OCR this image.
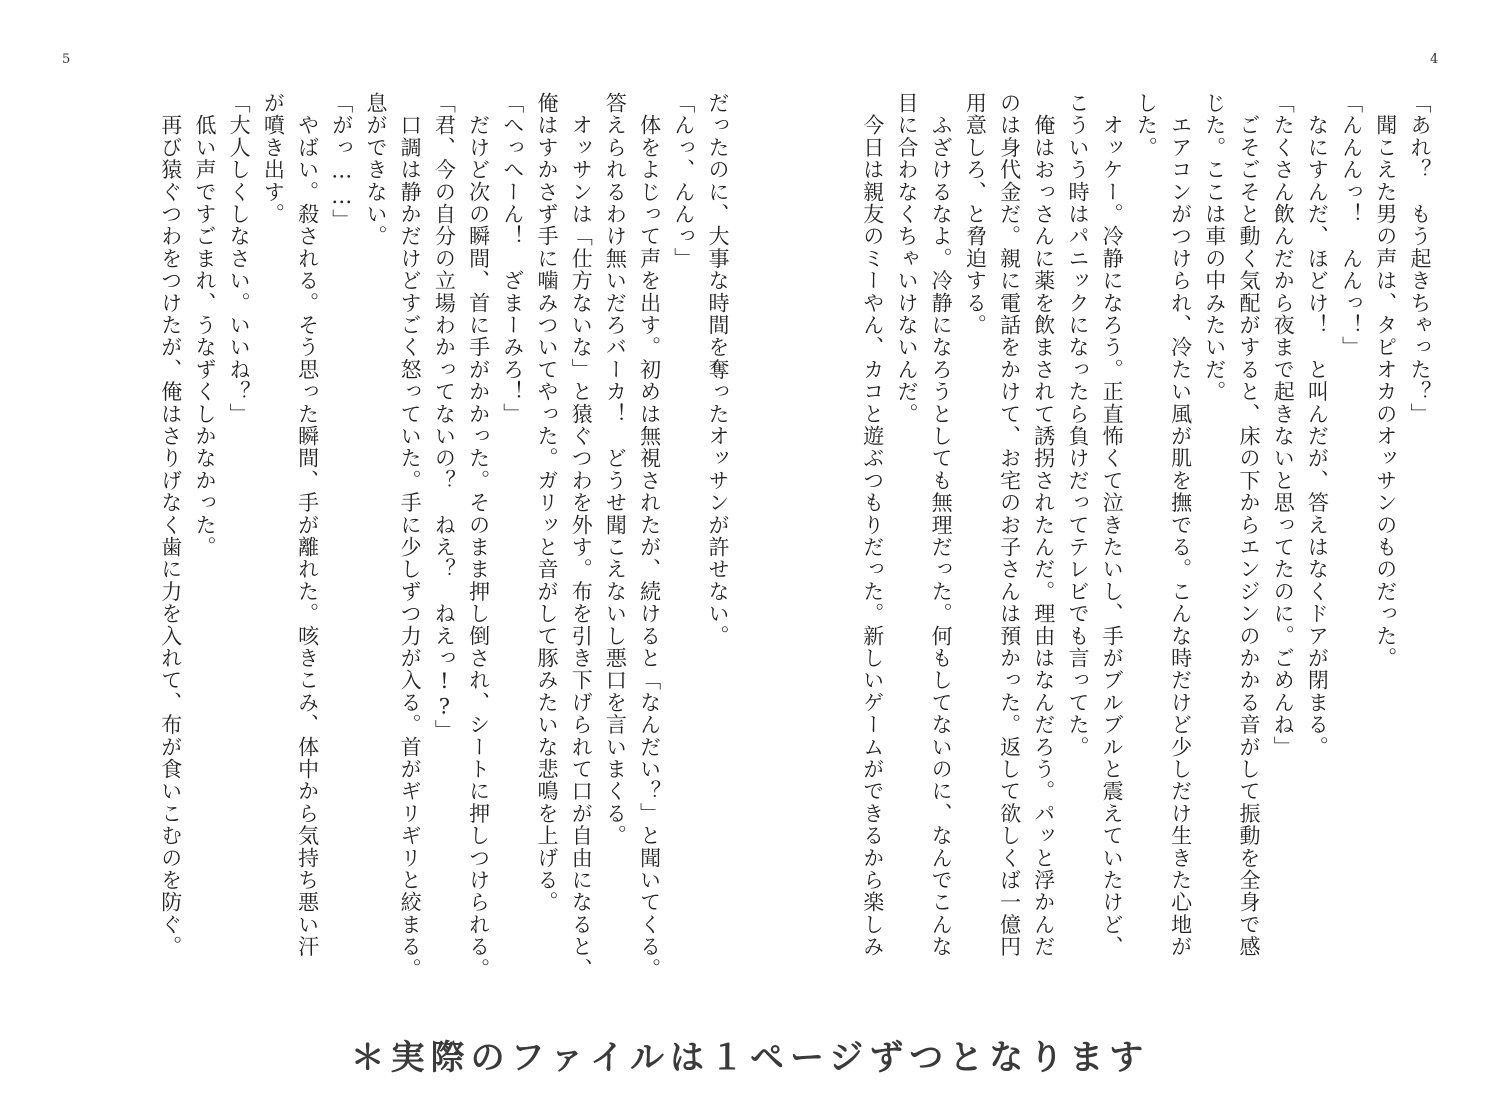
5

だったのに、大事な時間を奪ったオッサンが許せない。

「んっ、んんっ」

　体をよじって声を出す。初めは無視されたが、続けると「なんだい？」と聞いてくる。

答えられるわけ無いだろバーカ！　どうせ聞こえないし悪口を言いまくる。

　オッサンは「仕方ないな」と猿ぐつわを外す。布を引き下げられて口が自由になると、

俺はすかさず手に噛みついてやった。ガリッと音がして豚みたいな悲鳴を上げる。

「へっへーん！　ざまーみろ！」

　だけど次の瞬間、首に手がかかった。そのまま押し倒され、シートに押しつけられる。

「君、今の自分の立場わかってないの？　ねえ？　ねえっ!?」

　口調は静かだけどすごく怒っていた。手に少しずつ力が入る。首がギリギリと絞まる。

息ができない。

「がっ……」

　やばい。殺される。そう思った瞬間、手が離れた。咳きこみ、体中から気持ち悪い汗

が噴き出す。

「大人しくしなさい。いいね？」

　低い声ですごまれ、うなずくしかなかった。

　再び猿ぐつわをつけたが、俺はさりげなく歯に力を入れて、布が食いこむのを防ぐ。

4

「あれ？　もう起きちゃった？」

　聞こえた男の声は、タピオカのオッサンのものだった。

「んんんっ！　んんっ！」

　なにすんだ、ほどけ！　と叫んだが、答えはなくドアが閉まる。

「たくさん飲んだから夜まで起きないと思ってたのに。ごめんね」

　ごそごそと動く気配がすると、床の下からエンジンのかかる音がして振動を全身で感

じた。ここは車の中みたいだ。

　エアコンがつけられ、冷たい風が肌を撫でる。こんな時だけど少しだけ生きた心地が

した。

　オッケー。冷静になろう。正直怖くて泣きたいし、手がブルブルと震えていたけど、

こういう時はパニックになったら負けだってテレビでも言ってた。

　俺はおっさんに薬を飲まされて誘拐されたんだ。理由はなんだろう。パッと浮かんだ

のは身代金だ。親に電話をかけて、お宅のお子さんは預かった。返して欲しくば一億円

用意しろ、と脅迫する。

　ふざけるなよ。冷静になろうとしても無理だった。何もしてないのに、なんでこんな

目に合わなくちゃいけないんだ。

　今日は親友のミーやん、カコと遊ぶつもりだった。新しいゲームができるから楽しみ

＊実際のファイルは１ページずつとなります
